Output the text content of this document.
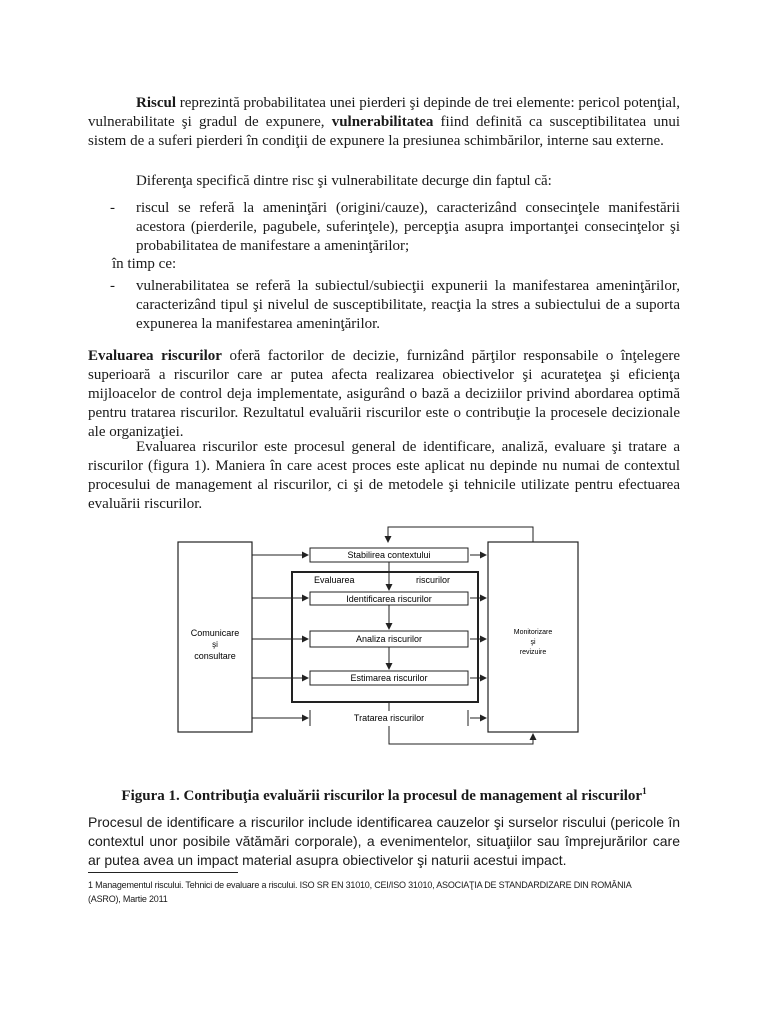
Riscul reprezintă probabilitatea unei pierderi şi depinde de trei elemente: pericol potenţial, vulnerabilitate şi gradul de expunere, vulnerabilitatea fiind definită ca susceptibilitatea unui sistem de a suferi pierderi în condiţii de expunere la presiunea schimbărilor, interne sau externe.

Diferenţa specifică dintre risc şi vulnerabilitate decurge din faptul că:

- riscul se referă la ameninţări (origini/cauze), caracterizând consecinţele manifestării acestora (pierderile, pagubele, suferinţele), percepţia asupra importanţei consecinţelor şi probabilitatea de manifestare a ameninţărilor;

în timp ce:

- vulnerabilitatea se referă la subiectul/subiecţii expunerii la manifestarea ameninţărilor, caracterizând tipul şi nivelul de susceptibilitate, reacţia la stres a subiectului de a suporta expunerea la manifestarea ameninţărilor.

Evaluarea riscurilor oferă factorilor de decizie, furnizând părţilor responsabile o înţelegere superioară a riscurilor care ar putea afecta realizarea obiectivelor şi acurateţea şi eficienţa mijloacelor de control deja implementate, asigurând o bază a deciziilor privind abordarea optimă pentru tratarea riscurilor. Rezultatul evaluării riscurilor este o contribuţie la procesele decizionale ale organizaţiei.

Evaluarea riscurilor este procesul general de identificare, analiză, evaluare şi tratare a riscurilor (figura 1). Maniera în care acest proces este aplicat nu depinde nu numai de contextul procesului de management al riscurilor, ci şi de metodele şi tehnicile utilizate pentru efectuarea evaluării riscurilor.

Comunicare
şi
consultare
Monitorizare
şi
revizuire
Stabilirea contextului
Evaluarea	riscurilor
Identificarea riscurilor
Analiza riscurilor
Estimarea riscurilor
Tratarea riscurilor
Figura 1. Contribuţia evaluării riscurilor la procesul de management al riscurilor$^1$

Procesul de identificare a riscurilor include identificarea cauzelor şi surselor riscului (pericole în contextul unor posibile vătămări corporale), a evenimentelor, situaţiilor sau împrejurărilor care ar putea avea un impact material asupra obiectivelor şi naturii acestui impact.

1 Managementul riscului. Tehnici de evaluare a riscului. ISO SR EN 31010, CEI/ISO 31010, ASOCIAŢIA DE STANDARDIZARE DIN ROMÂNIA (ASRO), Martie 2011
